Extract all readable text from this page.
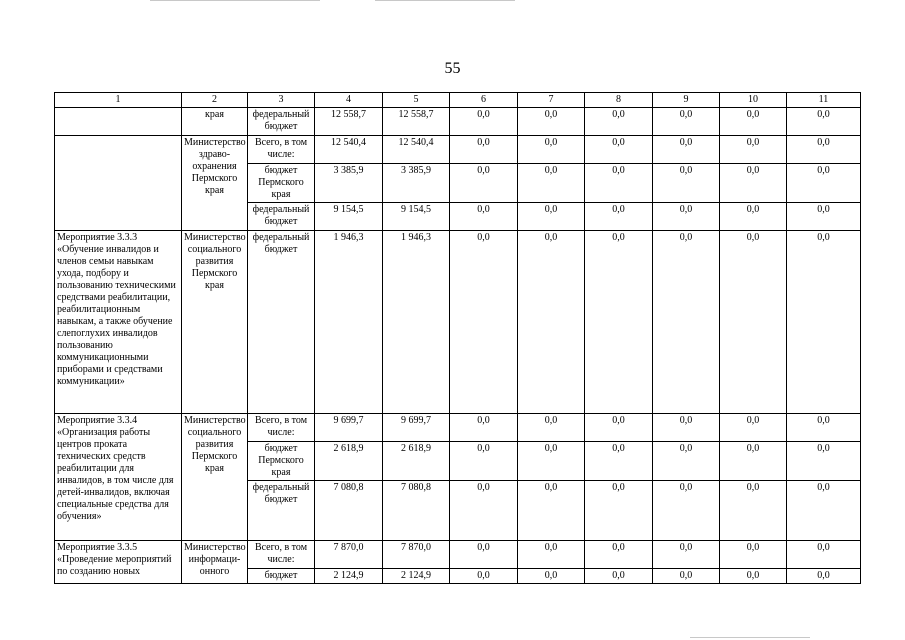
55
1	2	3	4	5	6	7	8	9	10	11
	края	федеральный бюджет	12 558,7	12 558,7	0,0	0,0	0,0	0,0	0,0	0,0
	Министерство здраво-охранения Пермского края	Всего, в том числе:	12 540,4	12 540,4	0,0	0,0	0,0	0,0	0,0	0,0
		бюджет Пермского края	3 385,9	3 385,9	0,0	0,0	0,0	0,0	0,0	0,0
		федеральный бюджет	9 154,5	9 154,5	0,0	0,0	0,0	0,0	0,0	0,0
Мероприятие 3.3.3 «Обучение инвалидов и членов семьи навыкам ухода, подбору и пользованию техническими средствами реабилитации, реабилитационным навыкам, а также обучение слепоглухих инвалидов пользованию коммуникационными приборами и средствами коммуникации»	Министерство социального развития Пермского края	федеральный бюджет	1 946,3	1 946,3	0,0	0,0	0,0	0,0	0,0	0,0
Мероприятие 3.3.4 «Организация работы центров проката технических средств реабилитации для инвалидов, в том числе для детей-инвалидов, включая специальные средства для обучения»	Министерство социального развития Пермского края	Всего, в том числе:	9 699,7	9 699,7	0,0	0,0	0,0	0,0	0,0	0,0
		бюджет Пермского края	2 618,9	2 618,9	0,0	0,0	0,0	0,0	0,0	0,0
		федеральный бюджет	7 080,8	7 080,8	0,0	0,0	0,0	0,0	0,0	0,0
Мероприятие 3.3.5 «Проведение мероприятий по созданию новых	Министерство информаци-онного	Всего, в том числе:	7 870,0	7 870,0	0,0	0,0	0,0	0,0	0,0	0,0
		бюджет	2 124,9	2 124,9	0,0	0,0	0,0	0,0	0,0	0,0
